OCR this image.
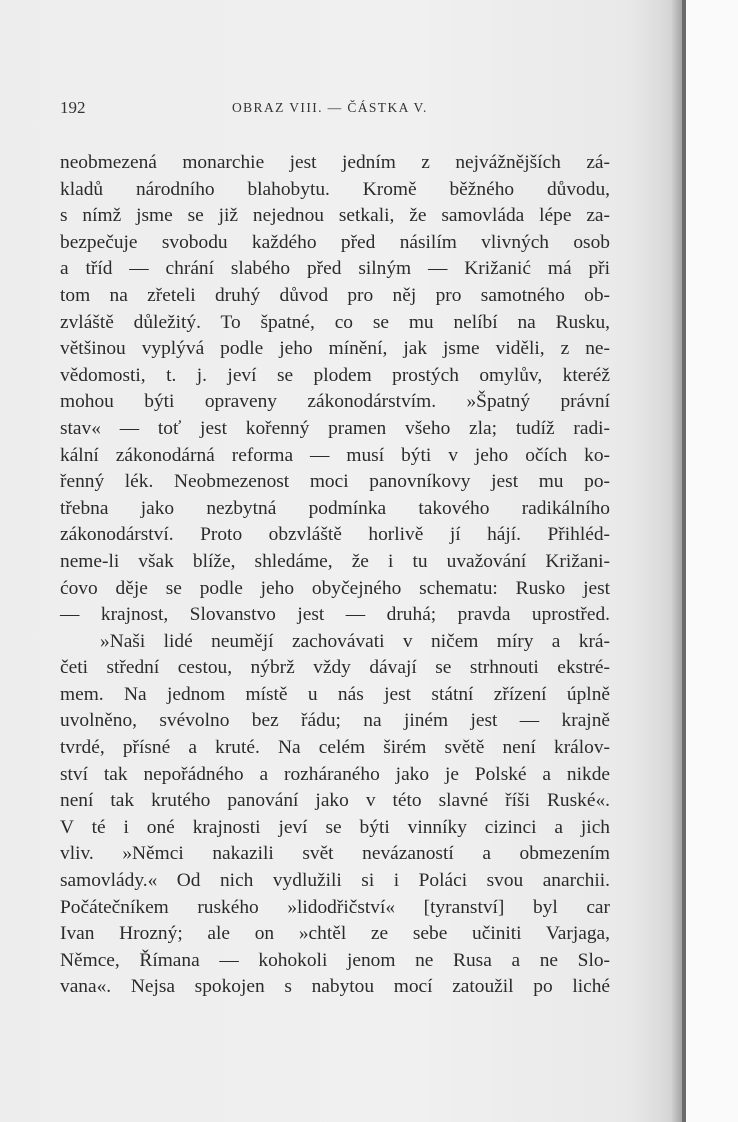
192	OBRAZ VIII. — ČÁSTKA V.
neobmezená monarchie jest jedním z nejvážnějších zá-
kladů národního blahobytu. Kromě běžného důvodu,
s nímž jsme se již nejednou setkali, že samovláda lépe za-
bezpečuje svobodu každého před násilím vlivných osob
a tříd — chrání slabého před silným — Križanić má při
tom na zřeteli druhý důvod pro něj pro samotného ob-
zvláště důležitý. To špatné, co se mu nelíbí na Rusku,
většinou vyplývá podle jeho mínění, jak jsme viděli, z ne-
vědomosti, t. j. jeví se plodem prostých omylův, kteréž
mohou býti opraveny zákonodárstvím. »Špatný právní
stav« — toť jest kořenný pramen všeho zla; tudíž radi-
kální zákonodárná reforma — musí býti v jeho očích ko-
řenný lék. Neobmezenost moci panovníkovy jest mu po-
třebna jako nezbytná podmínka takového radikálního
zákonodárství. Proto obzvláště horlivě jí hájí. Přihléd-
neme-li však blíže, shledáme, že i tu uvažování Križani-
ćovo děje se podle jeho obyčejného schematu: Rusko jest
— krajnost, Slovanstvo jest — druhá; pravda uprostřed.
»Naši lidé neumějí zachovávati v ničem míry a krá-
četi střední cestou, nýbrž vždy dávají se strhnouti ekstré-
mem. Na jednom místě u nás jest státní zřízení úplně
uvolněno, svévolno bez řádu; na jiném jest — krajně
tvrdé, přísné a kruté. Na celém širém světě není králov-
ství tak nepořádného a rozháraného jako je Polské a nikde
není tak krutého panování jako v této slavné říši Ruské«.
V té i oné krajnosti jeví se býti vinníky cizinci a jich
vliv. »Němci nakazili svět nevázaností a obmezením
samovlády.« Od nich vydlužili si i Poláci svou anarchii.
Počátečníkem ruského »lidodřičství« [tyranství] byl car
Ivan Hrozný; ale on »chtěl ze sebe učiniti Varjaga,
Němce, Římana — kohokoli jenom ne Rusa a ne Slo-
vana«. Nejsa spokojen s nabytou mocí zatoužil po liché
